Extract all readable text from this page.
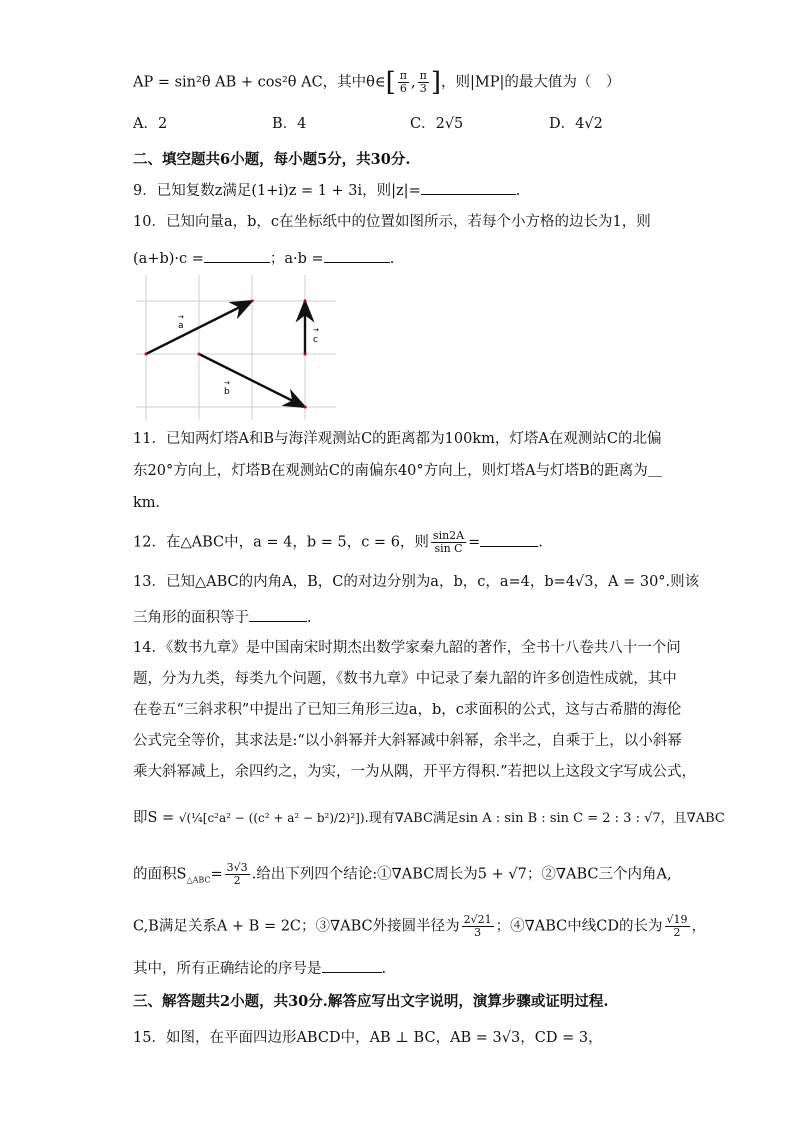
AP = sin²θ AB + cos²θ AC，其中θ∈[ $\frac{\pi}{6}$ , $\frac{\pi}{3}$ ]，则|MP|的最大值为（　）
A．2	B．4	C．2√5	D．4√2
二、填空题共6小题，每小题5分，共30分.
9．已知复数z满足(1+i)z = 1 + 3i，则|z|=	.
10．已知向量a，b，c在坐标纸中的位置如图所示，若每个小方格的边长为1，则
(a+b)·c =	；a·b =	.
→
a
→
b
→
c
11．已知两灯塔A和B与海洋观测站C的距离都为100km，灯塔A在观测站C的北偏
东20°方向上，灯塔B在观测站C的南偏东40°方向上，则灯塔A与灯塔B的距离为＿
km．
12．在△ABC中，a = 4，b = 5，c = 6，则 $\frac{\sin 2A}{\text{sin C}}$ =	.
13．已知△ABC的内角A，B，C的对边分别为a，b，c，a=4，b=4√3，A = 30°.则该
三角形的面积等于	.
14．《数书九章》是中国南宋时期杰出数学家秦九韶的著作，全书十八卷共八十一个问
题，分为九类，每类九个问题，《数书九章》中记录了秦九韶的许多创造性成就，其中
在卷五“三斜求积”中提出了已知三角形三边a，b，c求面积的公式，这与古希腊的海伦
公式完全等价，其求法是:“以小斜幂并大斜幂减中斜幂，余半之，自乘于上，以小斜幂
乘大斜幂减上，余四约之，为实，一为从隅，开平方得积.”若把以上这段文字写成公式，
即S = √(¼[c²a² − ((c² + a² − b²)/2)²]).现有∇ABC满足sin A : sin B : sin C = 2 : 3 : √7，且∇ABC
的面积$S_{\triangle ABC}= \frac{3√3}{2}$ .给出下列四个结论:①∇ABC周长为5 + √7；②∇ABC三个内角A,
C,B满足关系A + B = 2C；③∇ABC外接圆半径为 $\frac{2√21}{3}$ ；④∇ABC中线CD的长为 $\frac{√19}{2}$ ，
其中，所有正确结论的序号是	.
三、解答题共2小题，共30分.解答应写出文字说明，演算步骤或证明过程.
15．如图，在平面四边形ABCD中，AB ⊥ BC，AB = 3√3，CD = 3，
